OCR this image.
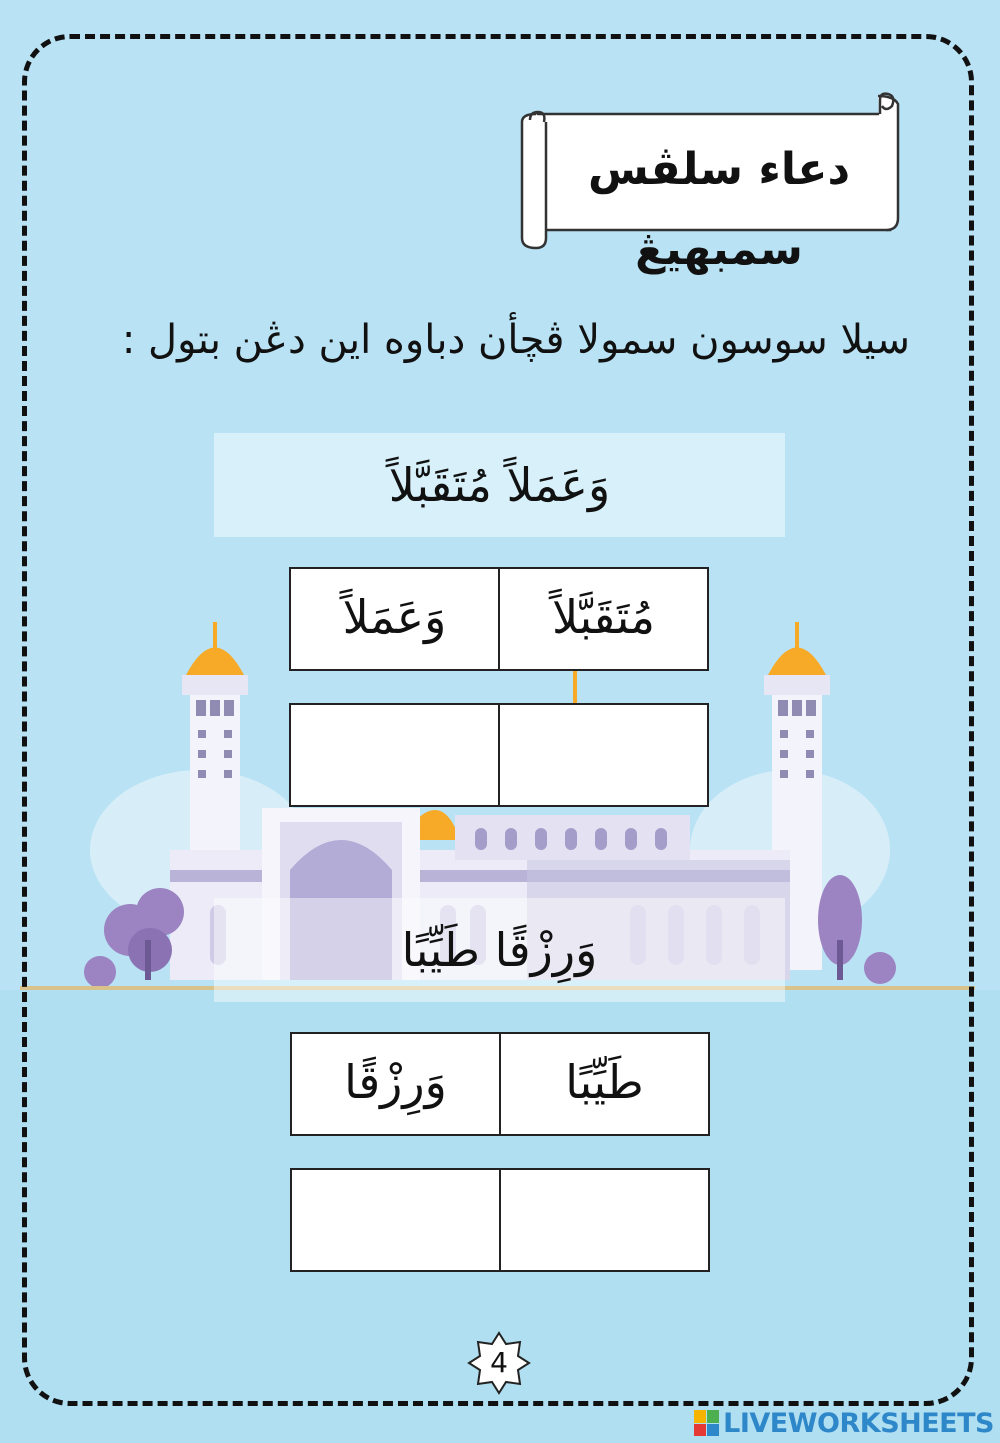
دعاء سلڤس سمبهيڠ
سيلا سوسون سمولا ڤچأن دباوه اين دڠن بتول :
وَعَمَلاً مُتَقَبَّلاً
مُتَقَبَّلاً
وَعَمَلاً
وَرِزْقًا طَيِّبًا
طَيِّبًا
وَرِزْقًا
4
LIVEWORKSHEETS
